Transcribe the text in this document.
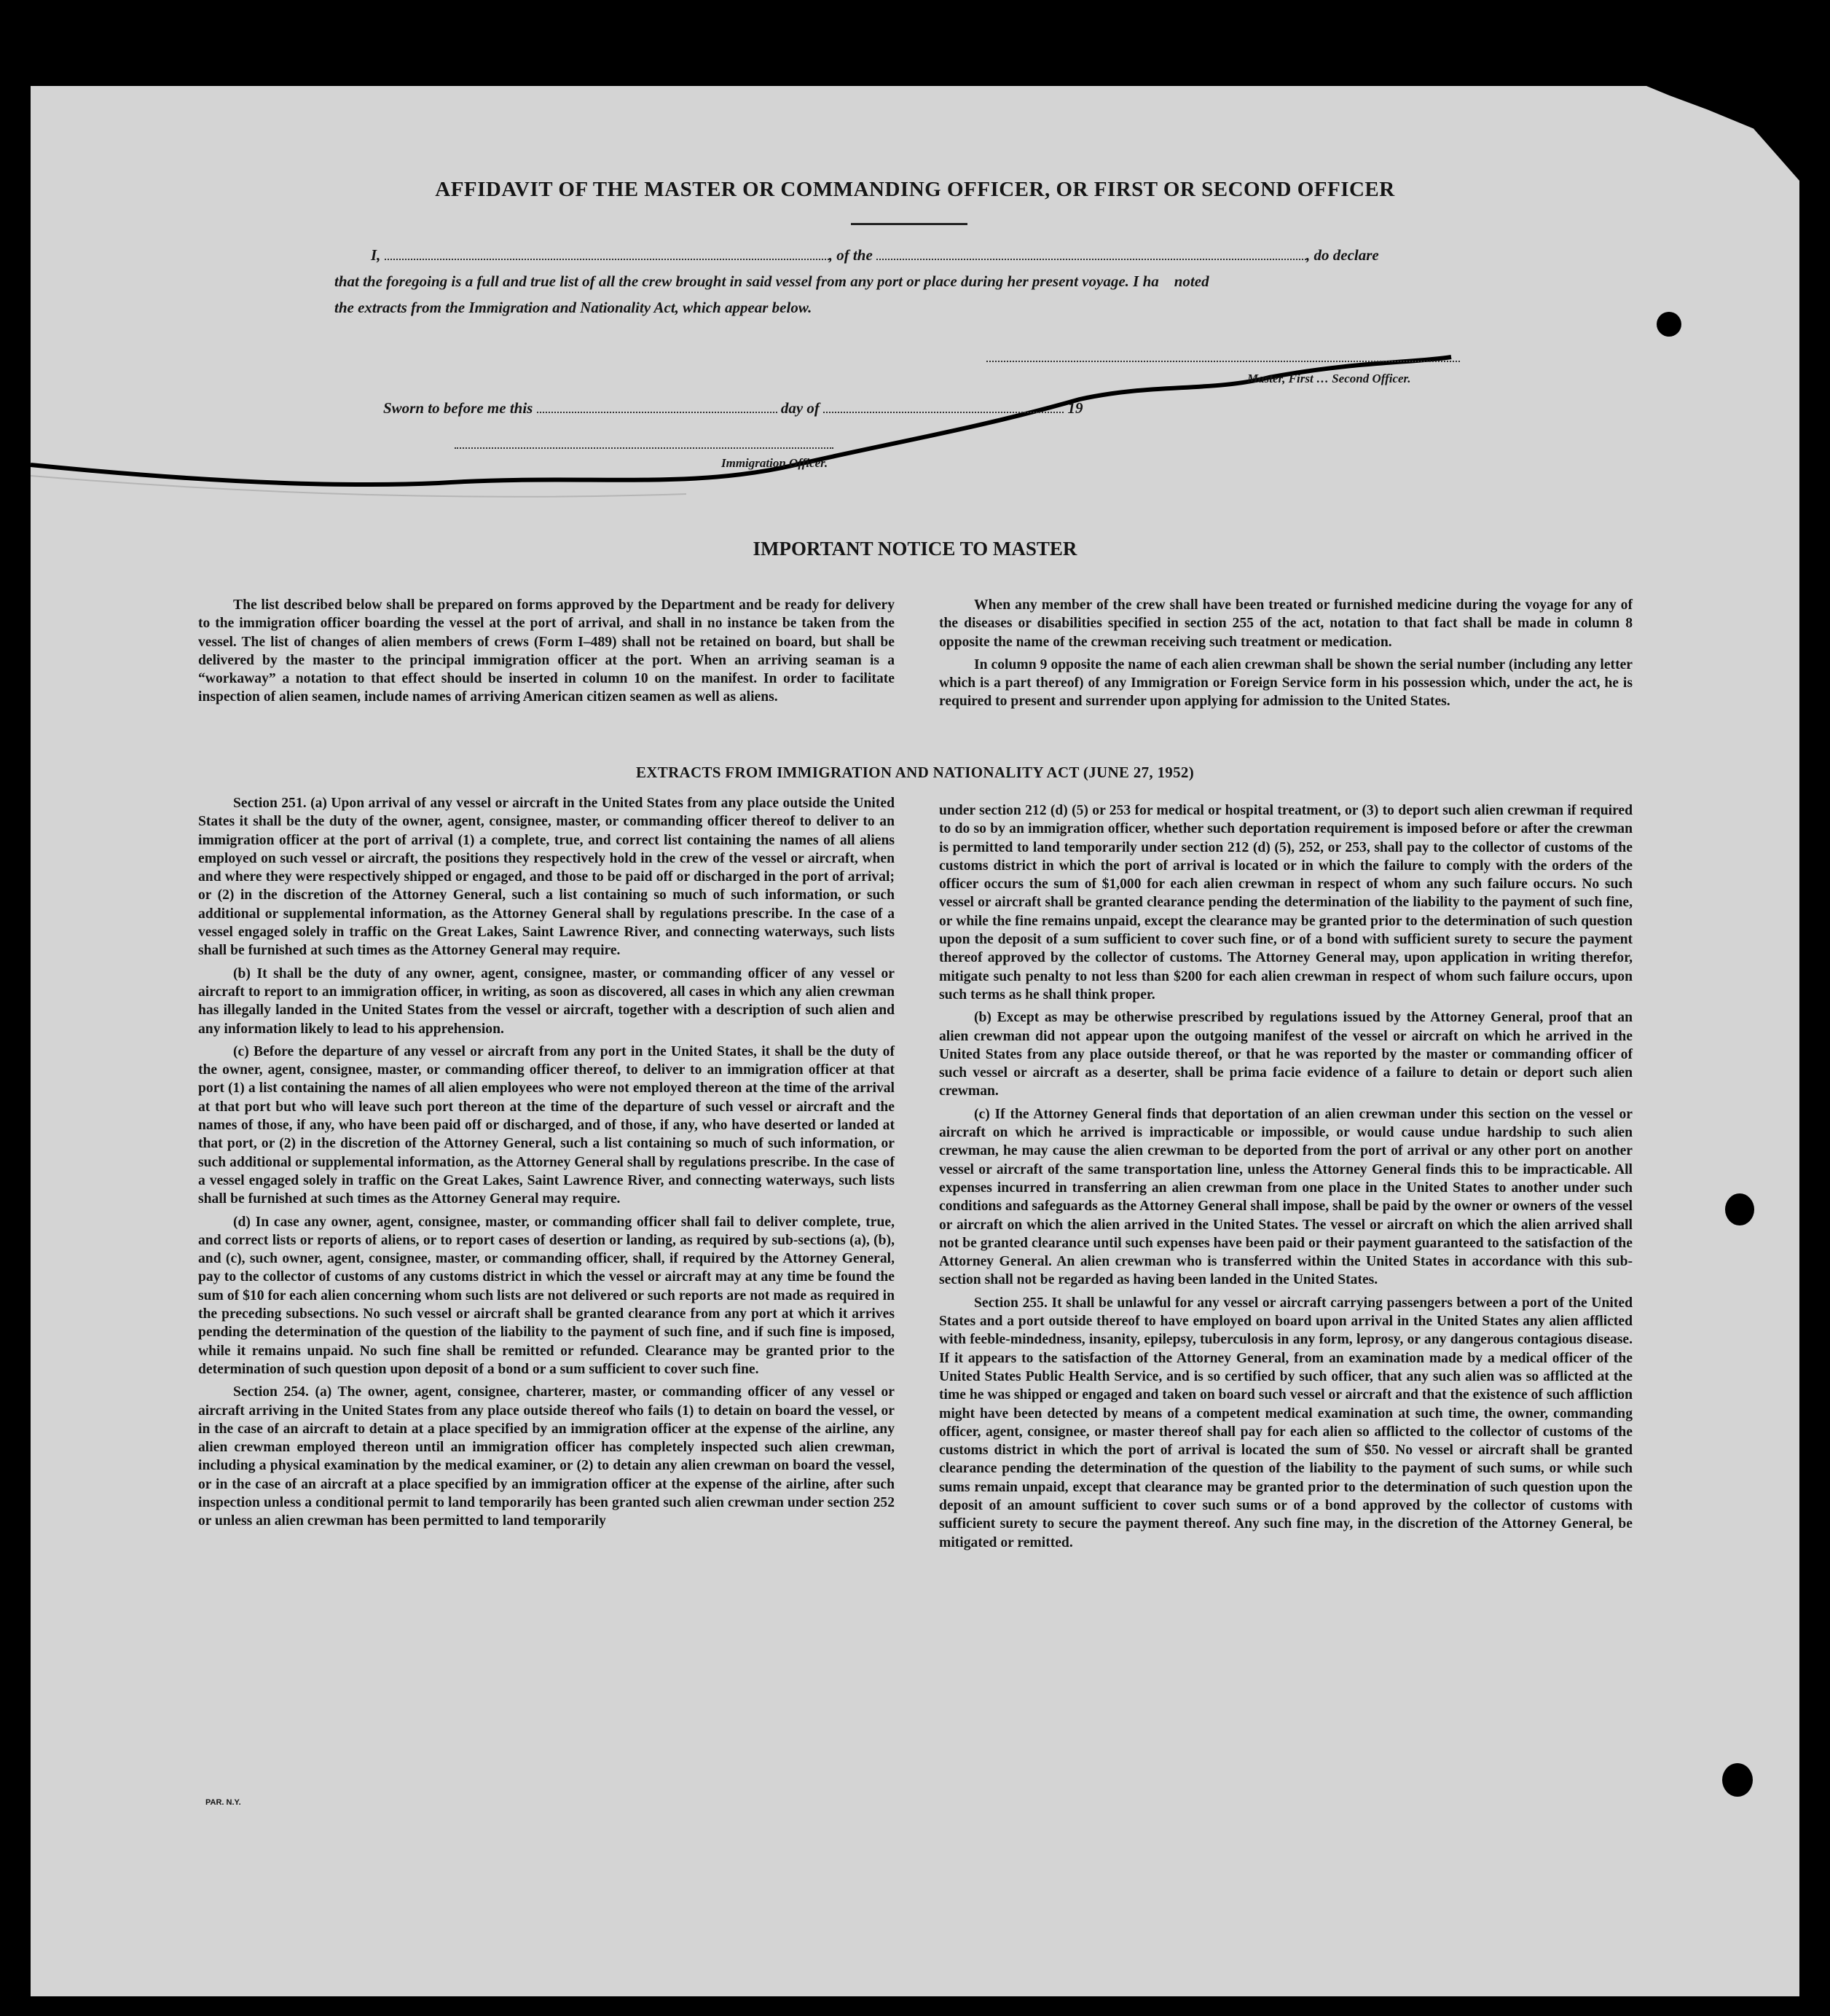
AFFIDAVIT OF THE MASTER OR COMMANDING OFFICER, OR FIRST OR SECOND OFFICER
I,	, of the	, do declare
that the foregoing is a full and true list of all the crew brought in said vessel from any port or place during her present voyage. I ha noted
the extracts from the Immigration and Nationality Act, which appear below.
Master, First … Second Officer.
Sworn to before me this	day of	19
Immigration Officer.
IMPORTANT NOTICE TO MASTER

The list described below shall be prepared on forms approved by the Department and be ready for delivery to the immigration officer boarding the vessel at the port of arrival, and shall in no instance be taken from the vessel. The list of changes of alien members of crews (Form I–489) shall not be retained on board, but shall be delivered by the master to the principal immigration officer at the port. When an arriving seaman is a “workaway” a notation to that effect should be inserted in column 10 on the manifest. In order to facilitate inspection of alien seamen, include names of arriving American citizen seamen as well as aliens.

When any member of the crew shall have been treated or furnished medicine during the voyage for any of the diseases or disabilities specified in section 255 of the act, notation to that fact shall be made in column 8 opposite the name of the crewman receiving such treatment or medication.

In column 9 opposite the name of each alien crewman shall be shown the serial number (including any letter which is a part thereof) of any Immigration or Foreign Service form in his possession which, under the act, he is required to present and surrender upon applying for admission to the United States.

EXTRACTS FROM IMMIGRATION AND NATIONALITY ACT (JUNE 27, 1952)

Section 251. (a) Upon arrival of any vessel or aircraft in the United States from any place outside the United States it shall be the duty of the owner, agent, consignee, master, or commanding officer thereof to deliver to an immigration officer at the port of arrival (1) a complete, true, and correct list containing the names of all aliens employed on such vessel or aircraft, the positions they respectively hold in the crew of the vessel or aircraft, when and where they were respectively shipped or engaged, and those to be paid off or discharged in the port of arrival; or (2) in the discretion of the Attorney General, such a list containing so much of such information, or such additional or supplemental information, as the Attorney General shall by regulations prescribe. In the case of a vessel engaged solely in traffic on the Great Lakes, Saint Lawrence River, and connecting waterways, such lists shall be furnished at such times as the Attorney General may require.

(b) It shall be the duty of any owner, agent, consignee, master, or commanding officer of any vessel or aircraft to report to an immigration officer, in writing, as soon as discovered, all cases in which any alien crewman has illegally landed in the United States from the vessel or aircraft, together with a description of such alien and any information likely to lead to his apprehension.

(c) Before the departure of any vessel or aircraft from any port in the United States, it shall be the duty of the owner, agent, consignee, master, or commanding officer thereof, to deliver to an immigration officer at that port (1) a list containing the names of all alien employees who were not employed thereon at the time of the arrival at that port but who will leave such port thereon at the time of the departure of such vessel or aircraft and the names of those, if any, who have been paid off or discharged, and of those, if any, who have deserted or landed at that port, or (2) in the discretion of the Attorney General, such a list containing so much of such information, or such additional or supplemental information, as the Attorney General shall by regulations prescribe. In the case of a vessel engaged solely in traffic on the Great Lakes, Saint Lawrence River, and connecting waterways, such lists shall be furnished at such times as the Attorney General may require.

(d) In case any owner, agent, consignee, master, or commanding officer shall fail to deliver complete, true, and correct lists or reports of aliens, or to report cases of desertion or landing, as required by sub-sections (a), (b), and (c), such owner, agent, consignee, master, or commanding officer, shall, if required by the Attorney General, pay to the collector of customs of any customs district in which the vessel or aircraft may at any time be found the sum of $10 for each alien concerning whom such lists are not delivered or such reports are not made as required in the preceding subsections. No such vessel or aircraft shall be granted clearance from any port at which it arrives pending the determination of the question of the liability to the payment of such fine, and if such fine is imposed, while it remains unpaid. No such fine shall be remitted or refunded. Clearance may be granted prior to the determination of such question upon deposit of a bond or a sum sufficient to cover such fine.

Section 254. (a) The owner, agent, consignee, charterer, master, or commanding officer of any vessel or aircraft arriving in the United States from any place outside thereof who fails (1) to detain on board the vessel, or in the case of an aircraft to detain at a place specified by an immigration officer at the expense of the airline, any alien crewman employed thereon until an immigration officer has completely inspected such alien crewman, including a physical examination by the medical examiner, or (2) to detain any alien crewman on board the vessel, or in the case of an aircraft at a place specified by an immigration officer at the expense of the airline, after such inspection unless a conditional permit to land temporarily has been granted such alien crewman under section 252 or unless an alien crewman has been permitted to land temporarily

under section 212 (d) (5) or 253 for medical or hospital treatment, or (3) to deport such alien crewman if required to do so by an immigration officer, whether such deportation requirement is imposed before or after the crewman is permitted to land temporarily under section 212 (d) (5), 252, or 253, shall pay to the collector of customs of the customs district in which the port of arrival is located or in which the failure to comply with the orders of the officer occurs the sum of $1,000 for each alien crewman in respect of whom any such failure occurs. No such vessel or aircraft shall be granted clearance pending the determination of the liability to the payment of such fine, or while the fine remains unpaid, except the clearance may be granted prior to the determination of such question upon the deposit of a sum sufficient to cover such fine, or of a bond with sufficient surety to secure the payment thereof approved by the collector of customs. The Attorney General may, upon application in writing therefor, mitigate such penalty to not less than $200 for each alien crewman in respect of whom such failure occurs, upon such terms as he shall think proper.

(b) Except as may be otherwise prescribed by regulations issued by the Attorney General, proof that an alien crewman did not appear upon the outgoing manifest of the vessel or aircraft on which he arrived in the United States from any place outside thereof, or that he was reported by the master or commanding officer of such vessel or aircraft as a deserter, shall be prima facie evidence of a failure to detain or deport such alien crewman.

(c) If the Attorney General finds that deportation of an alien crewman under this section on the vessel or aircraft on which he arrived is impracticable or impossible, or would cause undue hardship to such alien crewman, he may cause the alien crewman to be deported from the port of arrival or any other port on another vessel or aircraft of the same transportation line, unless the Attorney General finds this to be impracticable. All expenses incurred in transferring an alien crewman from one place in the United States to another under such conditions and safeguards as the Attorney General shall impose, shall be paid by the owner or owners of the vessel or aircraft on which the alien arrived in the United States. The vessel or aircraft on which the alien arrived shall not be granted clearance until such expenses have been paid or their payment guaranteed to the satisfaction of the Attorney General. An alien crewman who is transferred within the United States in accordance with this sub-section shall not be regarded as having been landed in the United States.

Section 255. It shall be unlawful for any vessel or aircraft carrying passengers between a port of the United States and a port outside thereof to have employed on board upon arrival in the United States any alien afflicted with feeble-mindedness, insanity, epilepsy, tuberculosis in any form, leprosy, or any dangerous contagious disease. If it appears to the satisfaction of the Attorney General, from an examination made by a medical officer of the United States Public Health Service, and is so certified by such officer, that any such alien was so afflicted at the time he was shipped or engaged and taken on board such vessel or aircraft and that the existence of such affliction might have been detected by means of a competent medical examination at such time, the owner, commanding officer, agent, consignee, or master thereof shall pay for each alien so afflicted to the collector of customs of the customs district in which the port of arrival is located the sum of $50. No vessel or aircraft shall be granted clearance pending the determination of the question of the liability to the payment of such sums, or while such sums remain unpaid, except that clearance may be granted prior to the determination of such question upon the deposit of an amount sufficient to cover such sums or of a bond approved by the collector of customs with sufficient surety to secure the payment thereof. Any such fine may, in the discretion of the Attorney General, be mitigated or remitted.

PAR. N.Y.
